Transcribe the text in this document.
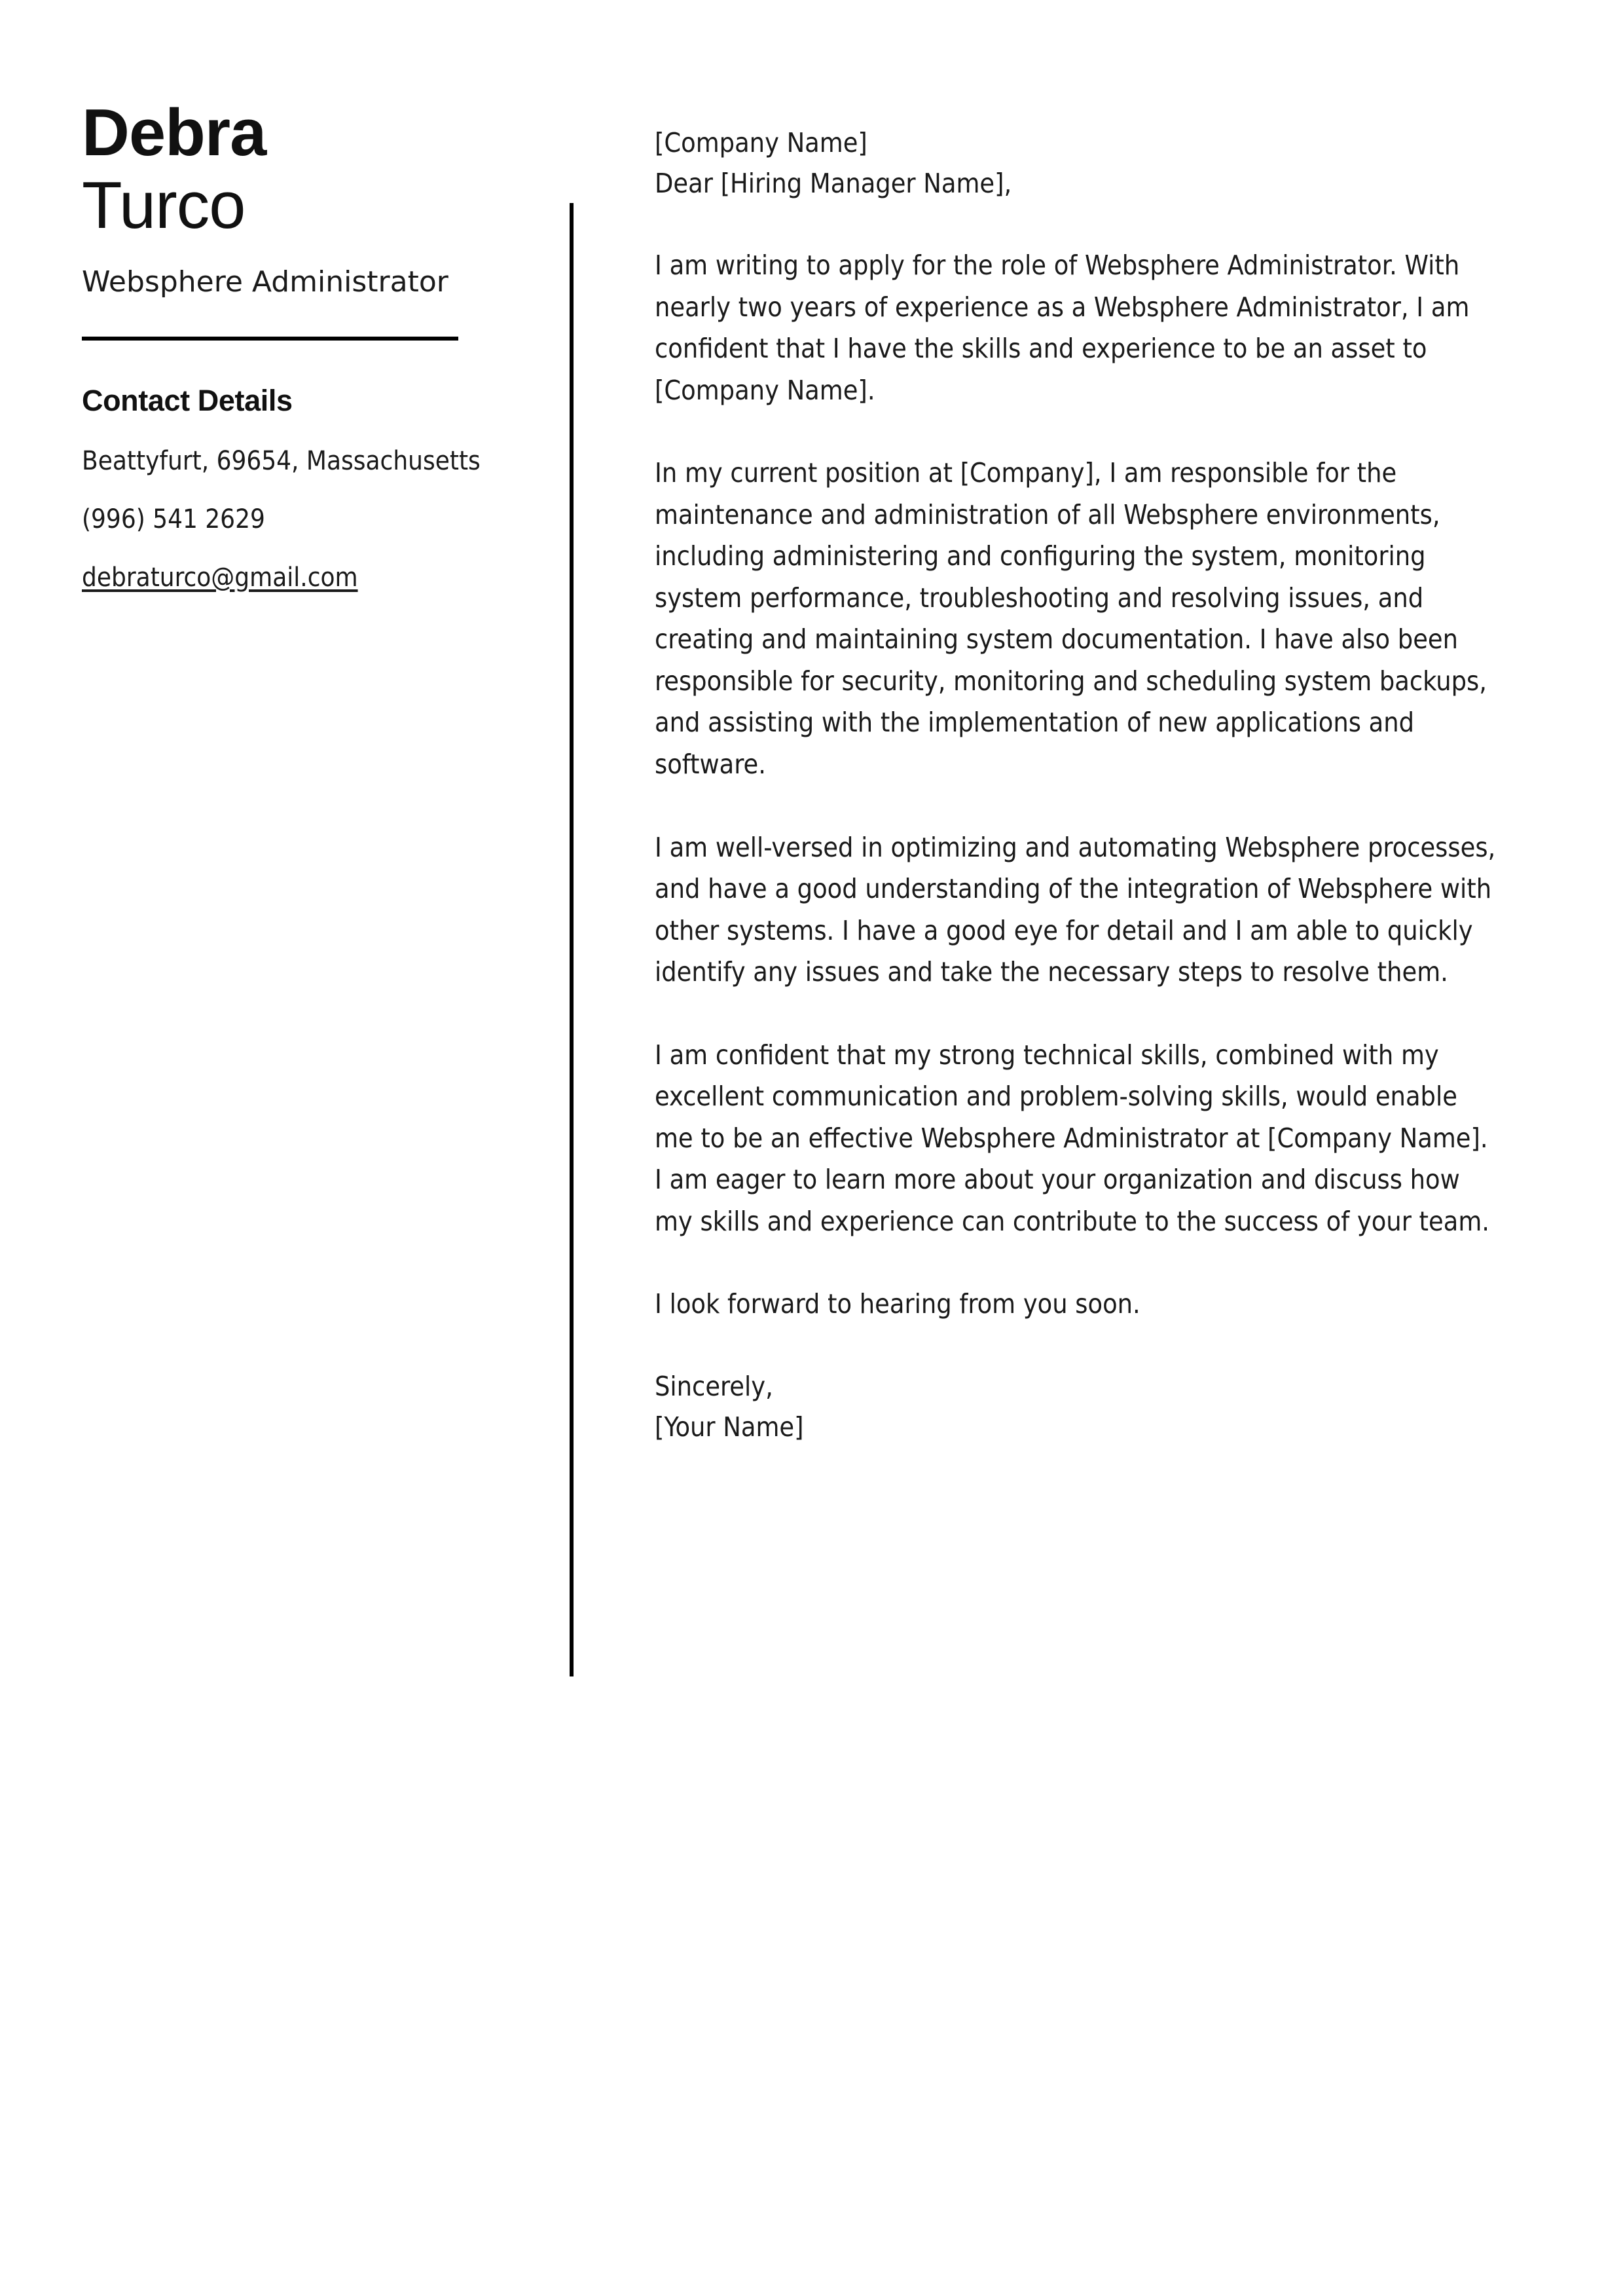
Debra
Turco
Websphere Administrator
Contact Details
Beattyfurt, 69654, Massachusetts
(996) 541 2629
debraturco@gmail.com
[Company Name]
Dear [Hiring Manager Name],
I am writing to apply for the role of Websphere Administrator. With nearly two years of experience as a Websphere Administrator, I am confident that I have the skills and experience to be an asset to [Company Name].
In my current position at [Company], I am responsible for the maintenance and administration of all Websphere environments, including administering and configuring the system, monitoring system performance, troubleshooting and resolving issues, and creating and maintaining system documentation. I have also been responsible for security, monitoring and scheduling system backups, and assisting with the implementation of new applications and software.
I am well-versed in optimizing and automating Websphere processes, and have a good understanding of the integration of Websphere with other systems. I have a good eye for detail and I am able to quickly identify any issues and take the necessary steps to resolve them.
I am confident that my strong technical skills, combined with my excellent communication and problem-solving skills, would enable me to be an effective Websphere Administrator at [Company Name]. I am eager to learn more about your organization and discuss how my skills and experience can contribute to the success of your team.
I look forward to hearing from you soon.
Sincerely,
[Your Name]
